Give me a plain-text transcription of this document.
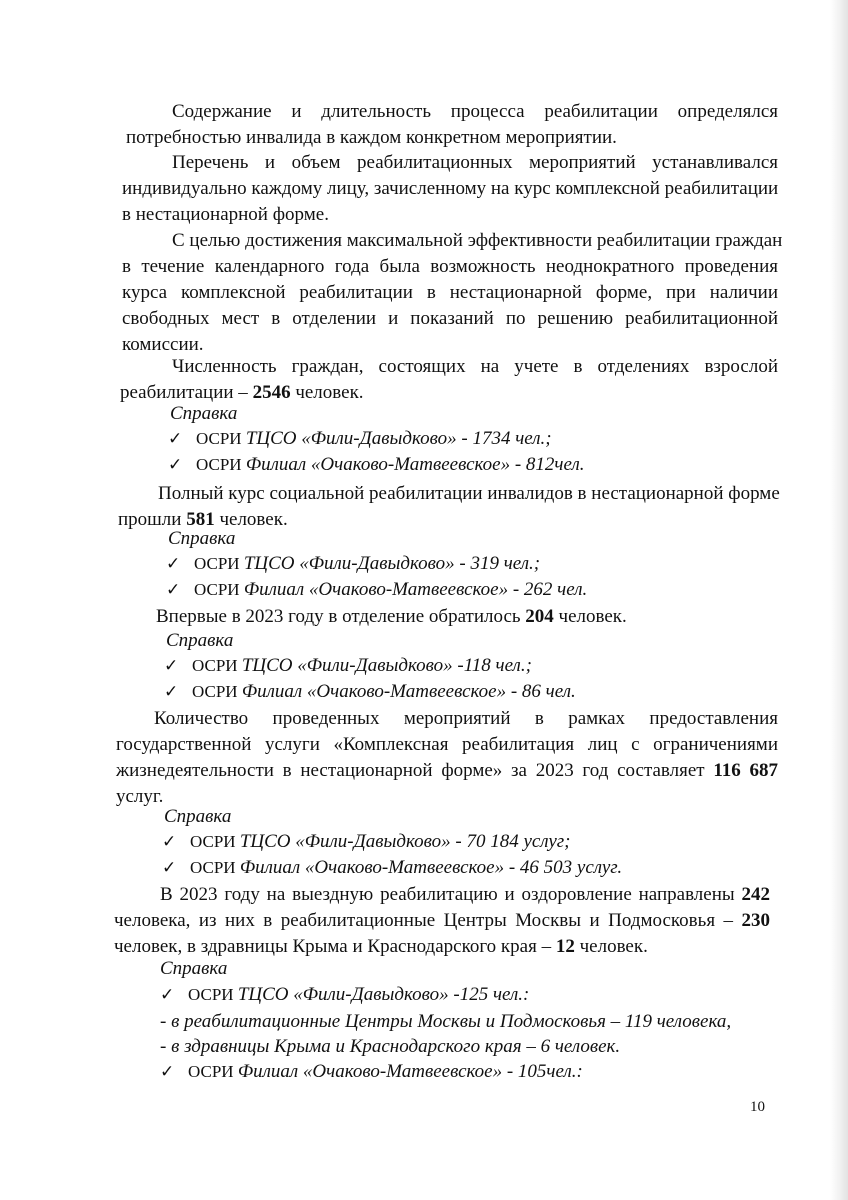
Содержание и длительность процесса реабилитации определялся
потребностью инвалида в каждом конкретном мероприятии.
Перечень и объем реабилитационных мероприятий устанавливался
индивидуально каждому лицу, зачисленному на курс комплексной реабилитации
в нестационарной форме.
С целью достижения максимальной эффективности реабилитации граждан
в течение календарного года была возможность неоднократного проведения
курса комплексной реабилитации в нестационарной форме, при наличии
свободных мест в отделении и показаний по решению реабилитационной
комиссии.
Численность граждан, состоящих на учете в отделениях взрослой
реабилитации – 2546 человек.
Справка
✓ ОСРИ ТЦСО «Фили-Давыдково» - 1734 чел.;
✓ ОСРИ Филиал «Очаково-Матвеевское» - 812чел.
Полный курс социальной реабилитации инвалидов в нестационарной форме
прошли 581 человек.
Справка
✓ ОСРИ ТЦСО «Фили-Давыдково» - 319 чел.;
✓ ОСРИ Филиал «Очаково-Матвеевское» - 262 чел.
Впервые в 2023 году в отделение обратилось 204 человек.
Справка
✓ ОСРИ ТЦСО «Фили-Давыдково» -118 чел.;
✓ ОСРИ Филиал «Очаково-Матвеевское» - 86 чел.
Количество проведенных мероприятий в рамках предоставления
государственной услуги «Комплексная реабилитация лиц с ограничениями
жизнедеятельности в нестационарной форме» за 2023 год составляет 116 687
услуг.
Справка
✓ ОСРИ ТЦСО «Фили-Давыдково» - 70 184 услуг;
✓ ОСРИ Филиал «Очаково-Матвеевское» - 46 503 услуг.
В 2023 году на выездную реабилитацию и оздоровление направлены 242
человека, из них в реабилитационные Центры Москвы и Подмосковья – 230
человек, в здравницы Крыма и Краснодарского края – 12 человек.
Справка
✓ ОСРИ ТЦСО «Фили-Давыдково» -125 чел.:
- в реабилитационные Центры Москвы и Подмосковья – 119 человека,
- в здравницы Крыма и Краснодарского края – 6 человек.
✓ ОСРИ Филиал «Очаково-Матвеевское» - 105чел.:
10
